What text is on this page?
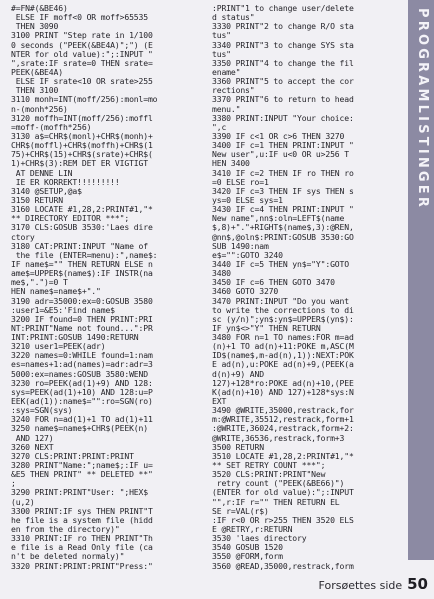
#=FN#(&BE46)
ELSE IF moff<0 OR moff>65535
THEN 3090
3100 PRINT "Step rate in 1/100
0 seconds ("PEEK(&BE4A)";") (E
NTER for old value):";:INPUT "
",srate:IF srate=0 THEN srate=
PEEK(&BE4A)
ELSE IF srate<10 OR srate>255
THEN 3100
3110 monh=INT(moff/256):monl=mo
n-(monh*256)
3120 moffh=INT(moff/256):moffl
=moff-(moffh*256)
3130 a$=CHR$(monl)+CHR$(monh)+
CHR$(moffl)+CHR$(moffh)+CHR$(1
75)+CHR$(15)+CHR$(srate)+CHR$(
1)+CHR$(3):REM DET ER VIGTIGT
AT DENNE LIN
IE ER KORREKT!!!!!!!!!
3140 @SETUP,@a$
3150 RETURN
3160 LOCATE #1,28,2:PRINT#1,"*
** DIRECTORY EDITOR ***";
3170 CLS:GOSUB 3530:'Laes dire
ctory
3180 CAT:PRINT:INPUT "Name of
the file (ENTER=menu):",name$:
IF name$="" THEN RETURN ELSE n
ame$=UPPER$(name$):IF INSTR(na
me$,".")=0 T
HEN name$=name$+"."
3190 adr=35000:ex=0:GOSUB 3580
:user1=&E5:'Find name$
3200 IF found=0 THEN PRINT:PRI
NT:PRINT"Name not found...":PR
INT:PRINT:GOSUB 1490:RETURN
3210 user1=PEEK(adr)
3220 names=0:WHILE found=1:nam
es=names+1:ad(names)=adr:adr=3
5000:ex=names:GOSUB 3580:WEND
3230 ro=PEEK(ad(1)+9) AND 128:
sys=PEEK(ad(1)+10) AND 128:u=P
EEK(ad(1)):name$="":ro=SGN(ro)
:sys=SGN(sys)
3240 FOR n=ad(1)+1 TO ad(1)+11
3250 name$=name$+CHR$(PEEK(n)
AND 127)
3260 NEXT
3270 CLS:PRINT:PRINT:PRINT
3280 PRINT"Name:";name$;:IF u=
&E5 THEN PRINT" ** DELETED **"
;
3290 PRINT:PRINT"User: ";HEX$
(u,2)
3300 PRINT:IF sys THEN PRINT"T
he file is a system file (hidd
en from the directory)"
3310 PRINT:IF ro THEN PRINT"Th
e file is a Read Only file (ca
n't be deleted normaly)"
3320 PRINT:PRINT:PRINT"Press:"
:PRINT"1 to change user/delete
d status"
3330 PRINT"2 to change R/O sta
tus"
3340 PRINT"3 to change SYS sta
tus"
3350 PRINT"4 to change the fil
ename"
3360 PRINT"5 to accept the cor
rections"
3370 PRINT"6 to return to head
menu."
3380 PRINT:INPUT "Your choice:
",c
3390 IF c<1 OR c>6 THEN 3270
3400 IF c=1 THEN PRINT:INPUT "
New user",u:IF u<0 OR u>256 T
HEN 3400
3410 IF c=2 THEN IF ro THEN ro
=0 ELSE ro=1
3420 IF c=3 THEN IF sys THEN s
ys=0 ELSE sys=1
3430 IF c=4 THEN PRINT:INPUT "
New name",nn$:oln=LEFT$(name
$,8)+"."+RIGHT$(name$,3):@REN,
@nn$,@oln$:PRINT:GOSUB 3530:GO
SUB 1490:nam
e$="":GOTO 3240
3440 IF c=5 THEN yn$="Y":GOTO
3480
3450 IF c=6 THEN GOTO 3470
3460 GOTO 3270
3470 PRINT:INPUT "Do you want
to write the corrections to di
sc (y/n)";yn$:yn$=UPPER$(yn$):
IF yn$<>"Y" THEN RETURN
3480 FOR n=1 TO names:FOR m=ad
(n)+1 TO ad(n)+11:POKE m,ASC(M
ID$(name$,m-ad(n),1)):NEXT:POK
E ad(n),u:POKE ad(n)+9,(PEEK(a
d(n)+9) AND
127)+128*ro:POKE ad(n)+10,(PEE
K(ad(n)+10) AND 127)+128*sys:N
EXT
3490 @WRITE,35000,restrack,for
m:@WRITE,35512,restrack,form+1
:@WRITE,36024,restrack,form+2:
@WRITE,36536,restrack,form+3
3500 RETURN
3510 LOCATE #1,28,2:PRINT#1,"*
** SET RETRY COUNT ***";
3520 CLS:PRINT:PRINT"New
retry count ("PEEK(&BE66)")
(ENTER for old value):";:INPUT
"",r:IF r="" THEN RETURN EL
SE r=VAL(r$)
:IF r<0 OR r>255 THEN 3520 ELS
E @RETRY,r:RETURN
3530 'laes directory
3540 GOSUB 1520
3550 @FORM,form
3560 @READ,35000,restrack,form
PROGRAMLISTINGER
Forsøettes side 50
